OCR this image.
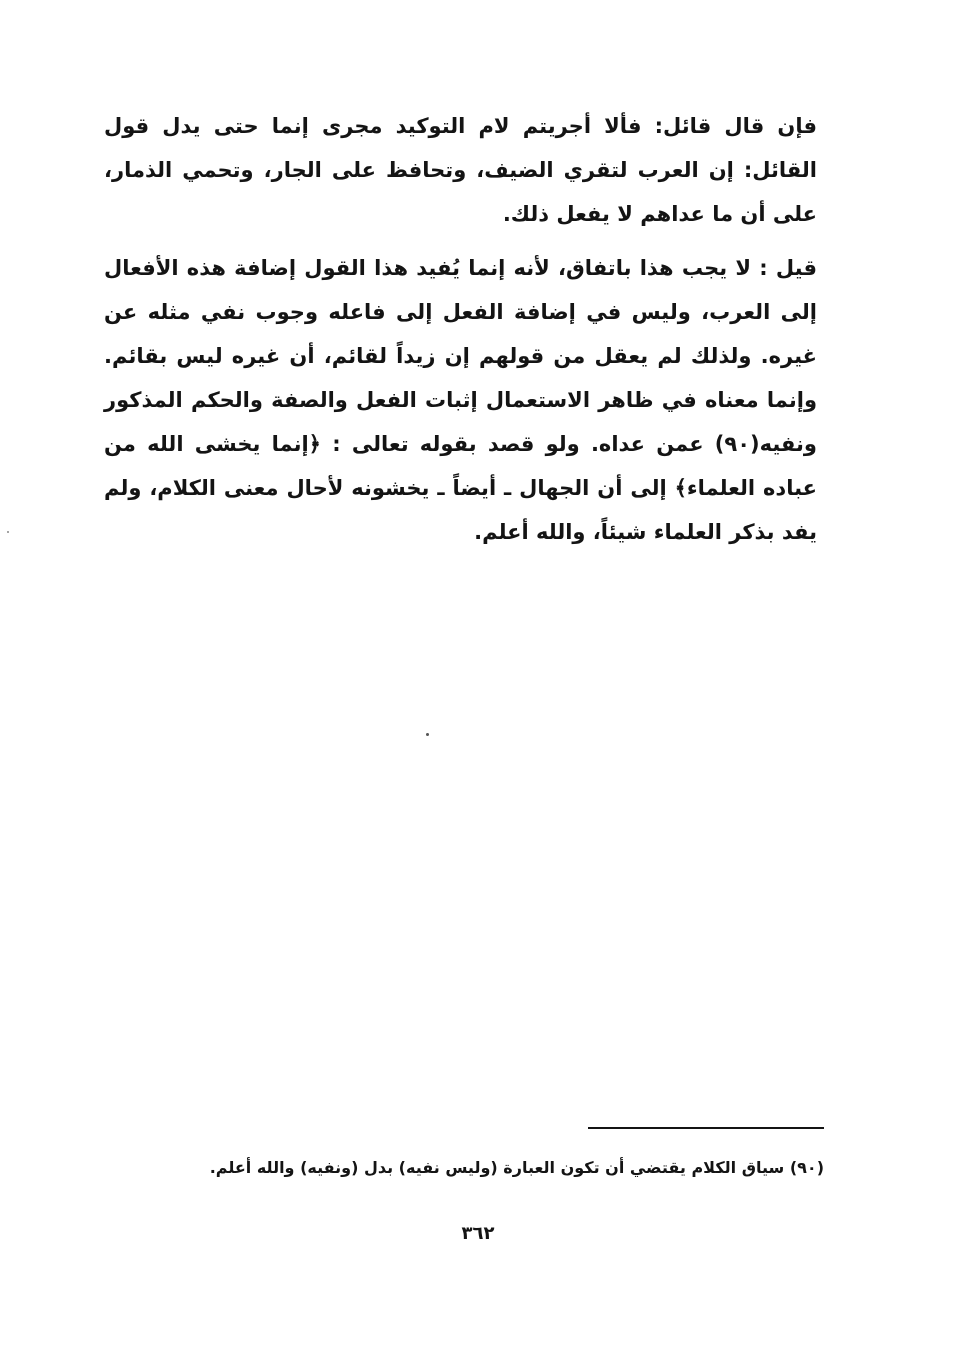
فإن قال قائل: فألا أجريتم لام التوكيد مجرى إنما حتى يدل قول القائل: إن العرب لتقري الضيف، وتحافظ على الجار، وتحمي الذمار، على أن ما عداهم لا يفعل ذلك.

قيل : لا يجب هذا باتفاق، لأنه إنما يُفيد هذا القول إضافة هذه الأفعال إلى العرب، وليس في إضافة الفعل إلى فاعله وجوب نفي مثله عن غيره. ولذلك لم يعقل من قولهم إن زيداً لقائم، أن غيره ليس بقائم. وإنما معناه في ظاهر الاستعمال إثبات الفعل والصفة والحكم المذكور ونفيه(٩٠) عمن عداه. ولو قصد بقوله تعالى : ﴿إنما يخشى الله من عباده العلماء﴾ إلى أن الجهال ـ أيضاً ـ يخشونه لأحال معنى الكلام، ولم يفد بذكر العلماء شيئاً، والله أعلم.

(٩٠) سياق الكلام يقتضي أن تكون العبارة (وليس نفيه) بدل (ونفيه) والله أعلم.

٣٦٢
